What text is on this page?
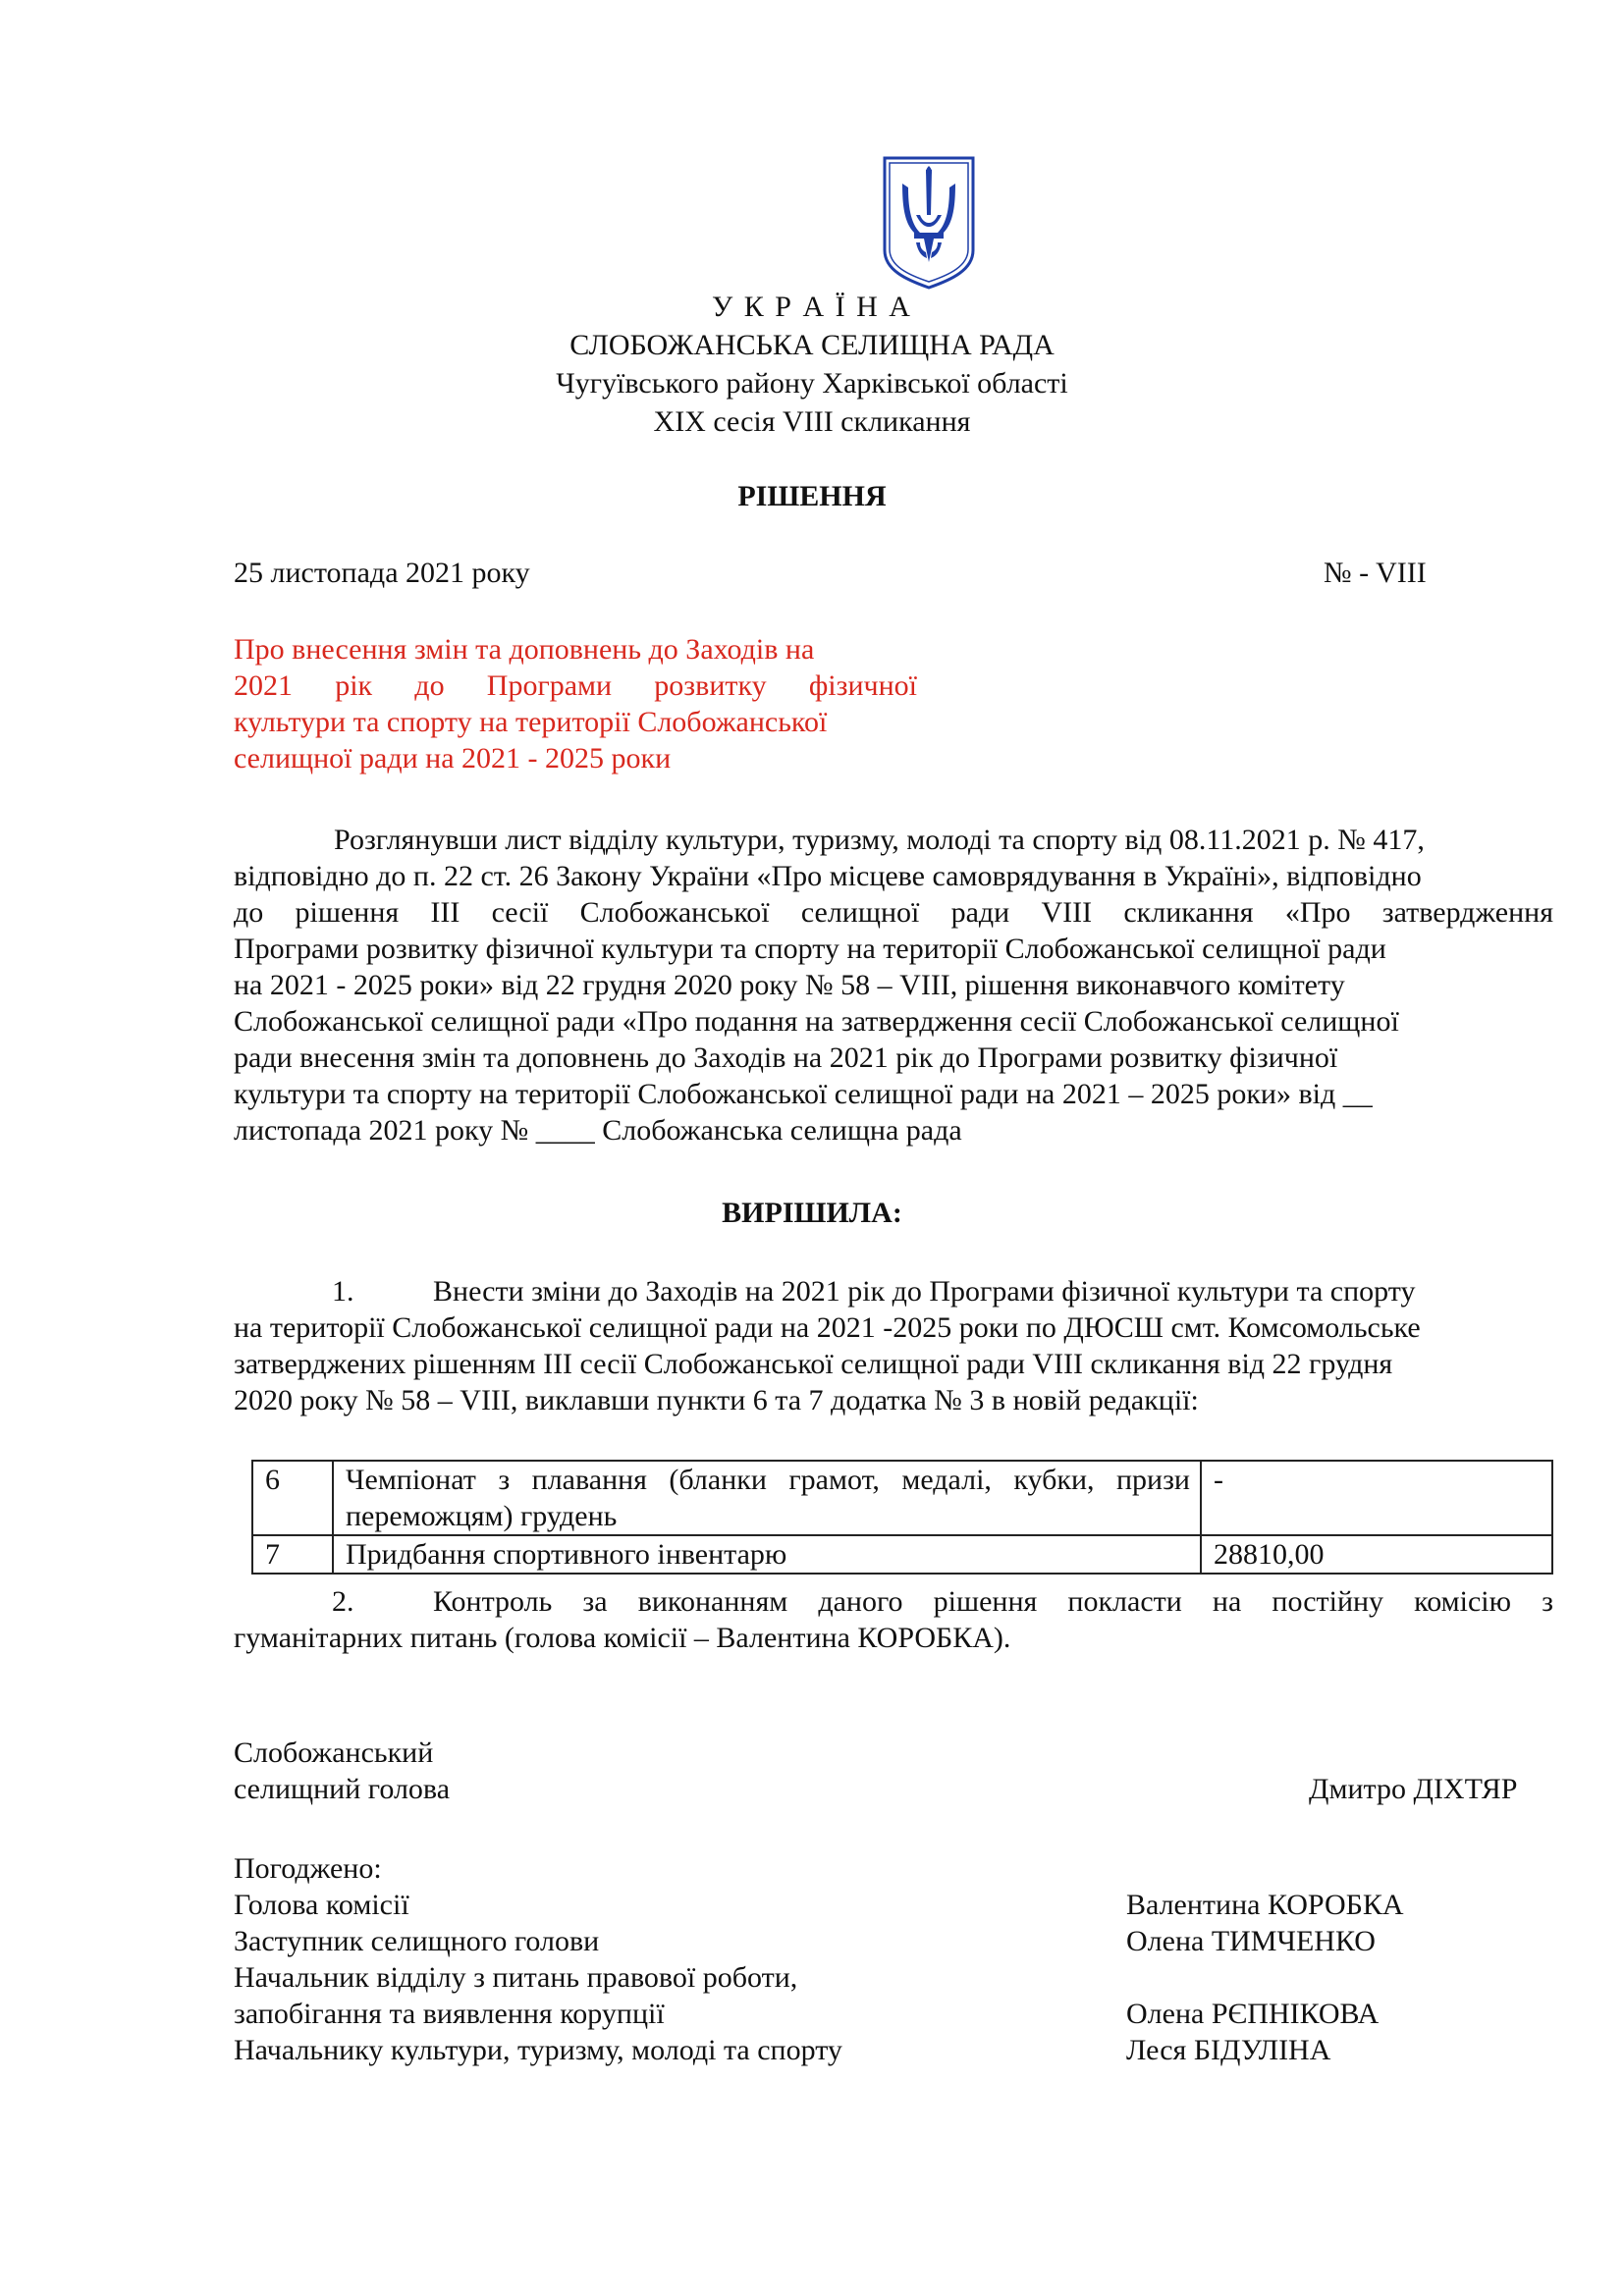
У К Р А Ї Н А
СЛОБОЖАНСЬКА СЕЛИЩНА РАДА
Чугуївського району Харківської області
XIX сесія VIII скликання
РІШЕННЯ
25 листопада 2021 року	№ - VIII
Про внесення змін та доповнень до Заходів на
2021 рік до Програми розвитку фізичної
культури та спорту на території Слобожанської
селищної ради на 2021 - 2025 роки
Розглянувши лист відділу культури, туризму, молоді та спорту від 08.11.2021 р. № 417,
відповідно до п. 22 ст. 26 Закону України «Про місцеве самоврядування в Україні», відповідно
до рішення ІІІ сесії Слобожанської селищної ради VІІІ скликання «Про затвердження
Програми розвитку фізичної культури та спорту на території Слобожанської селищної ради
на 2021 - 2025 роки» від 22 грудня 2020 року № 58 – VІІІ, рішення виконавчого комітету
Слобожанської селищної ради «Про подання на затвердження сесії Слобожанської селищної
ради внесення змін та доповнень до Заходів на 2021 рік до Програми розвитку фізичної
культури та спорту на території Слобожанської селищної ради на 2021 – 2025 роки» від __
листопада 2021 року № ____ Слобожанська селищна рада
ВИРІШИЛА:
1.	Внести зміни до Заходів на 2021 рік до Програми фізичної культури та спорту
на території Слобожанської селищної ради на 2021 -2025 роки по ДЮСШ смт. Комсомольське
затверджених рішенням ІІІ сесії Слобожанської селищної ради VІІІ скликання від 22 грудня
2020 року № 58 – VІІІ, виклавши пункти 6 та 7 додатка № 3 в новій редакції:
6	Чемпіонат з плавання (бланки грамот, медалі, кубки, призи переможцям) грудень	-
7	Придбання спортивного інвентарю	28810,00
2.	Контроль за виконанням даного рішення покласти на постійну комісію з
гуманітарних питань (голова комісії – Валентина КОРОБКА).
Слобожанський
селищний голова	Дмитро ДІХТЯР
Погоджено:
Голова комісії	Валентина КОРОБКА
Заступник селищного голови	Олена ТИМЧЕНКО
Начальник відділу з питань правової роботи,
запобігання та виявлення корупції	Олена РЄПНІКОВА
Начальнику культури, туризму, молоді та спорту	Леся БІДУЛІНА
